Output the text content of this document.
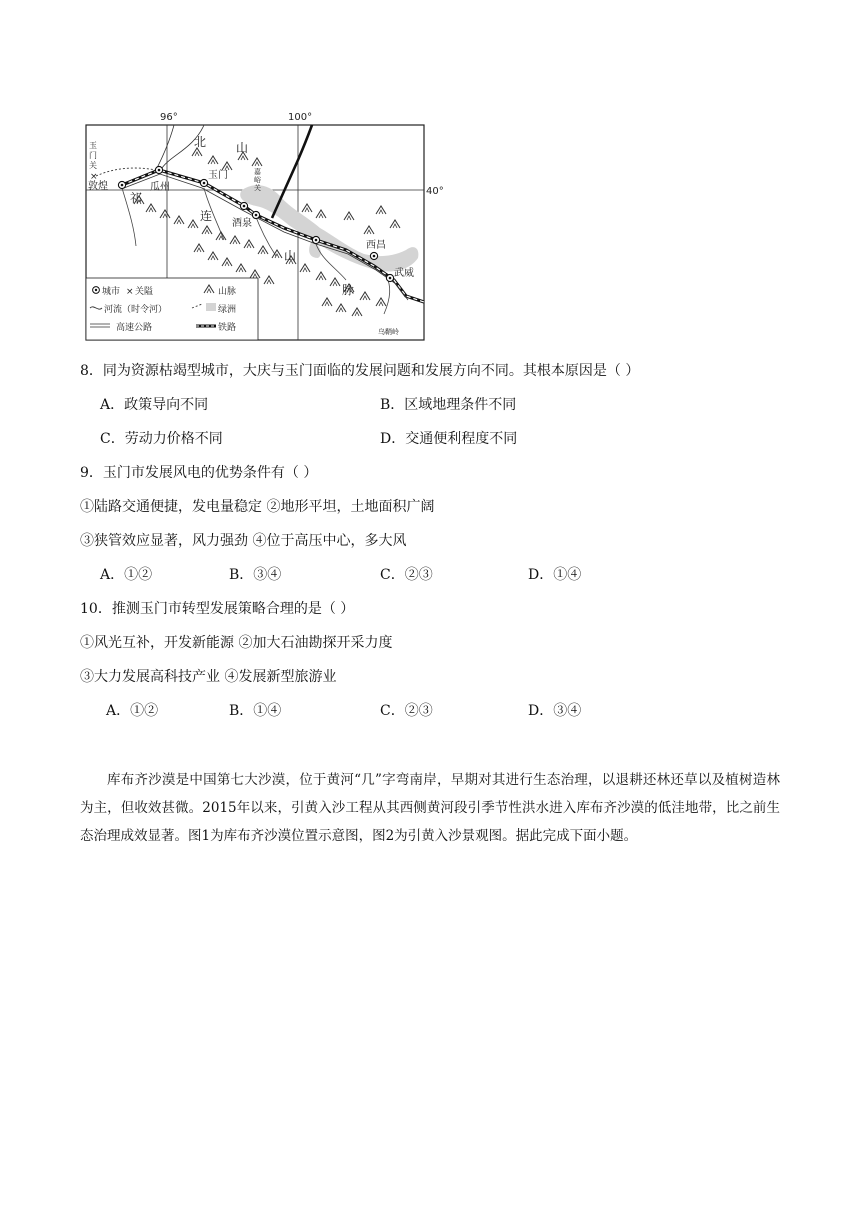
96°	100°
40°
玉
门
关
×
北 山
祁
连
山
脉
敦煌	瓜州
玉门	嘉
峪
关
酒泉
西昌
武威
乌鞘岭
城市 × 关隘	山脉
河流（时令河）	绿洲
高速公路	铁路
8．同为资源枯竭型城市，大庆与玉门面临的发展问题和发展方向不同。其根本原因是（ ）
A．政策导向不同	B．区域地理条件不同
C．劳动力价格不同	D．交通便利程度不同
9．玉门市发展风电的优势条件有（ ）
①陆路交通便捷，发电量稳定 ②地形平坦，土地面积广阔
③狭管效应显著，风力强劲 ④位于高压中心，多大风
A．①②	B．③④	C．②③	D．①④
10．推测玉门市转型发展策略合理的是（ ）
①风光互补，开发新能源 ②加大石油勘探开采力度
③大力发展高科技产业 ④发展新型旅游业
A．①②	B．①④	C．②③	D．③④

库布齐沙漠是中国第七大沙漠，位于黄河“几”字弯南岸，早期对其进行生态治理，以退耕还林还草以及植树造林为主，但收效甚微。2015年以来，引黄入沙工程从其西侧黄河段引季节性洪水进入库布齐沙漠的低洼地带，比之前生态治理成效显著。图1为库布齐沙漠位置示意图，图2为引黄入沙景观图。据此完成下面小题。
